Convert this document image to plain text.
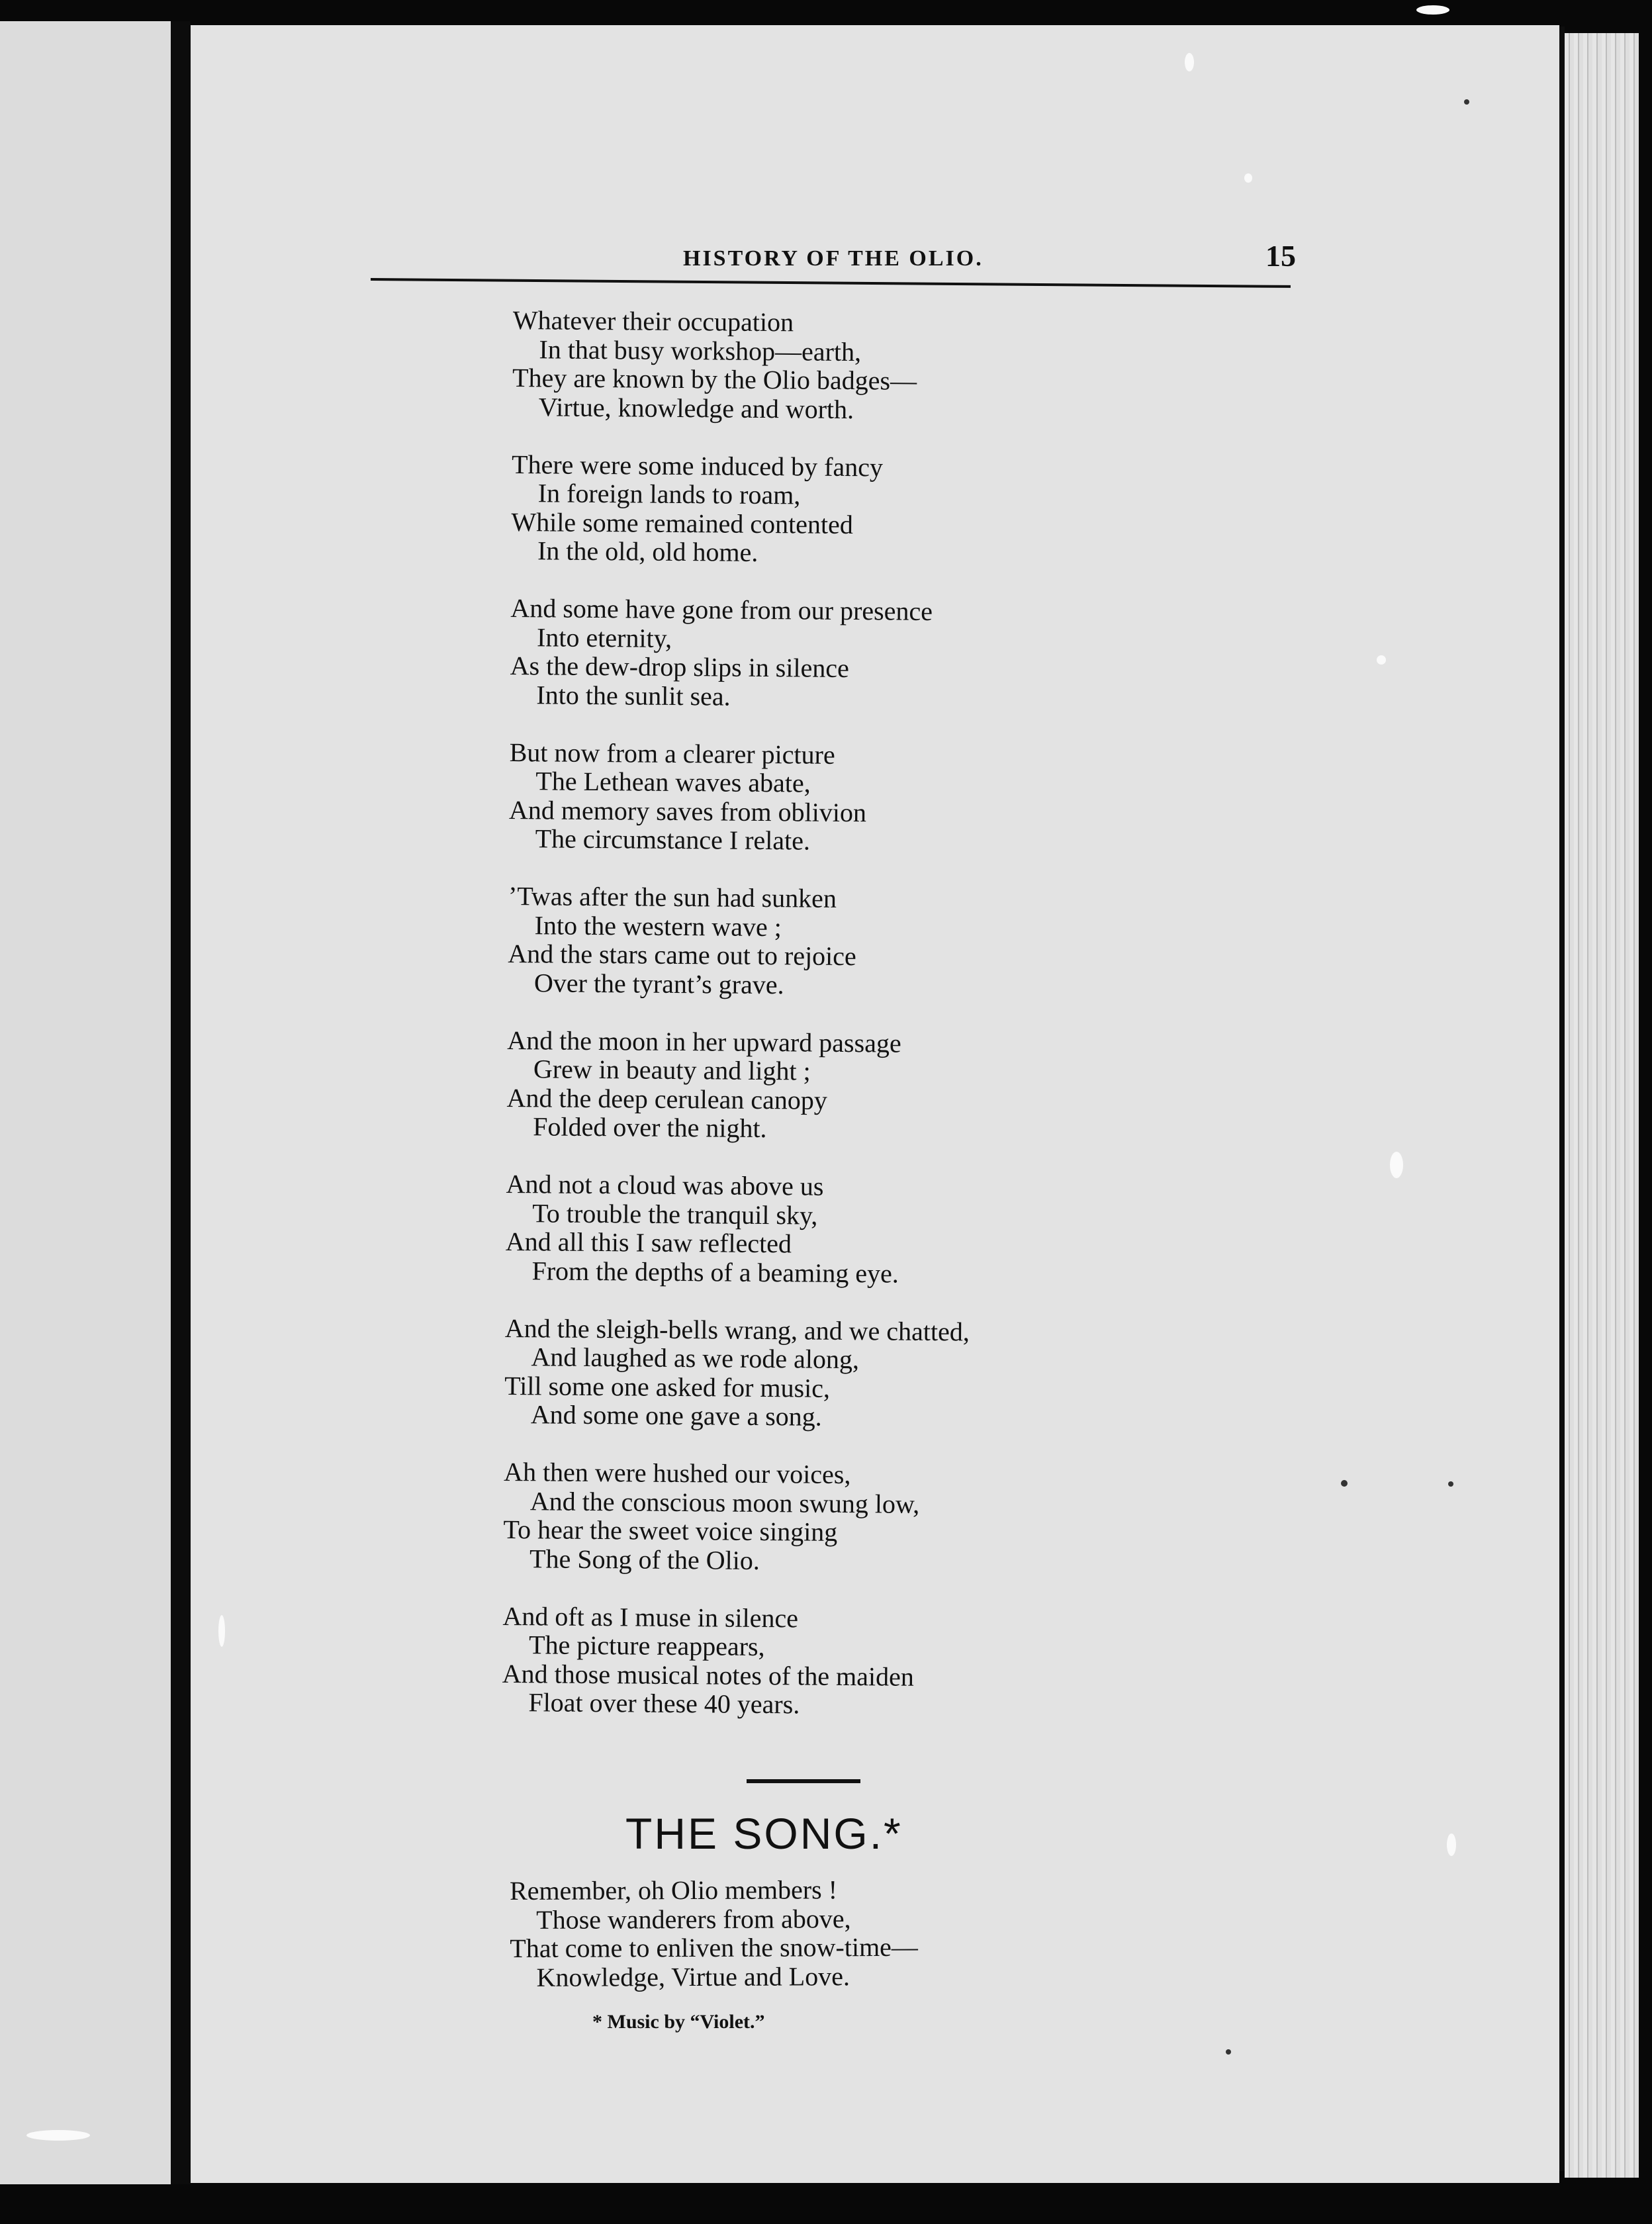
HISTORY OF THE OLIO.	15
Whatever their occupation
In that busy workshop—earth,
They are known by the Olio badges—
Virtue, knowledge and worth.
There were some induced by fancy
In foreign lands to roam,
While some remained contented
In the old, old home.
And some have gone from our presence
Into eternity,
As the dew-drop slips in silence
Into the sunlit sea.
But now from a clearer picture
The Lethean waves abate,
And memory saves from oblivion
The circumstance I relate.
’Twas after the sun had sunken
Into the western wave ;
And the stars came out to rejoice
Over the tyrant’s grave.
And the moon in her upward passage
Grew in beauty and light ;
And the deep cerulean canopy
Folded over the night.
And not a cloud was above us
To trouble the tranquil sky,
And all this I saw reflected
From the depths of a beaming eye.
And the sleigh-bells wrang, and we chatted,
And laughed as we rode along,
Till some one asked for music,
And some one gave a song.
Ah then were hushed our voices,
And the conscious moon swung low,
To hear the sweet voice singing
The Song of the Olio.
And oft as I muse in silence
The picture reappears,
And those musical notes of the maiden
Float over these 40 years.
THE SONG.*
Remember, oh Olio members !
Those wanderers from above,
That come to enliven the snow-time—
Knowledge, Virtue and Love.
* Music by “Violet.”
